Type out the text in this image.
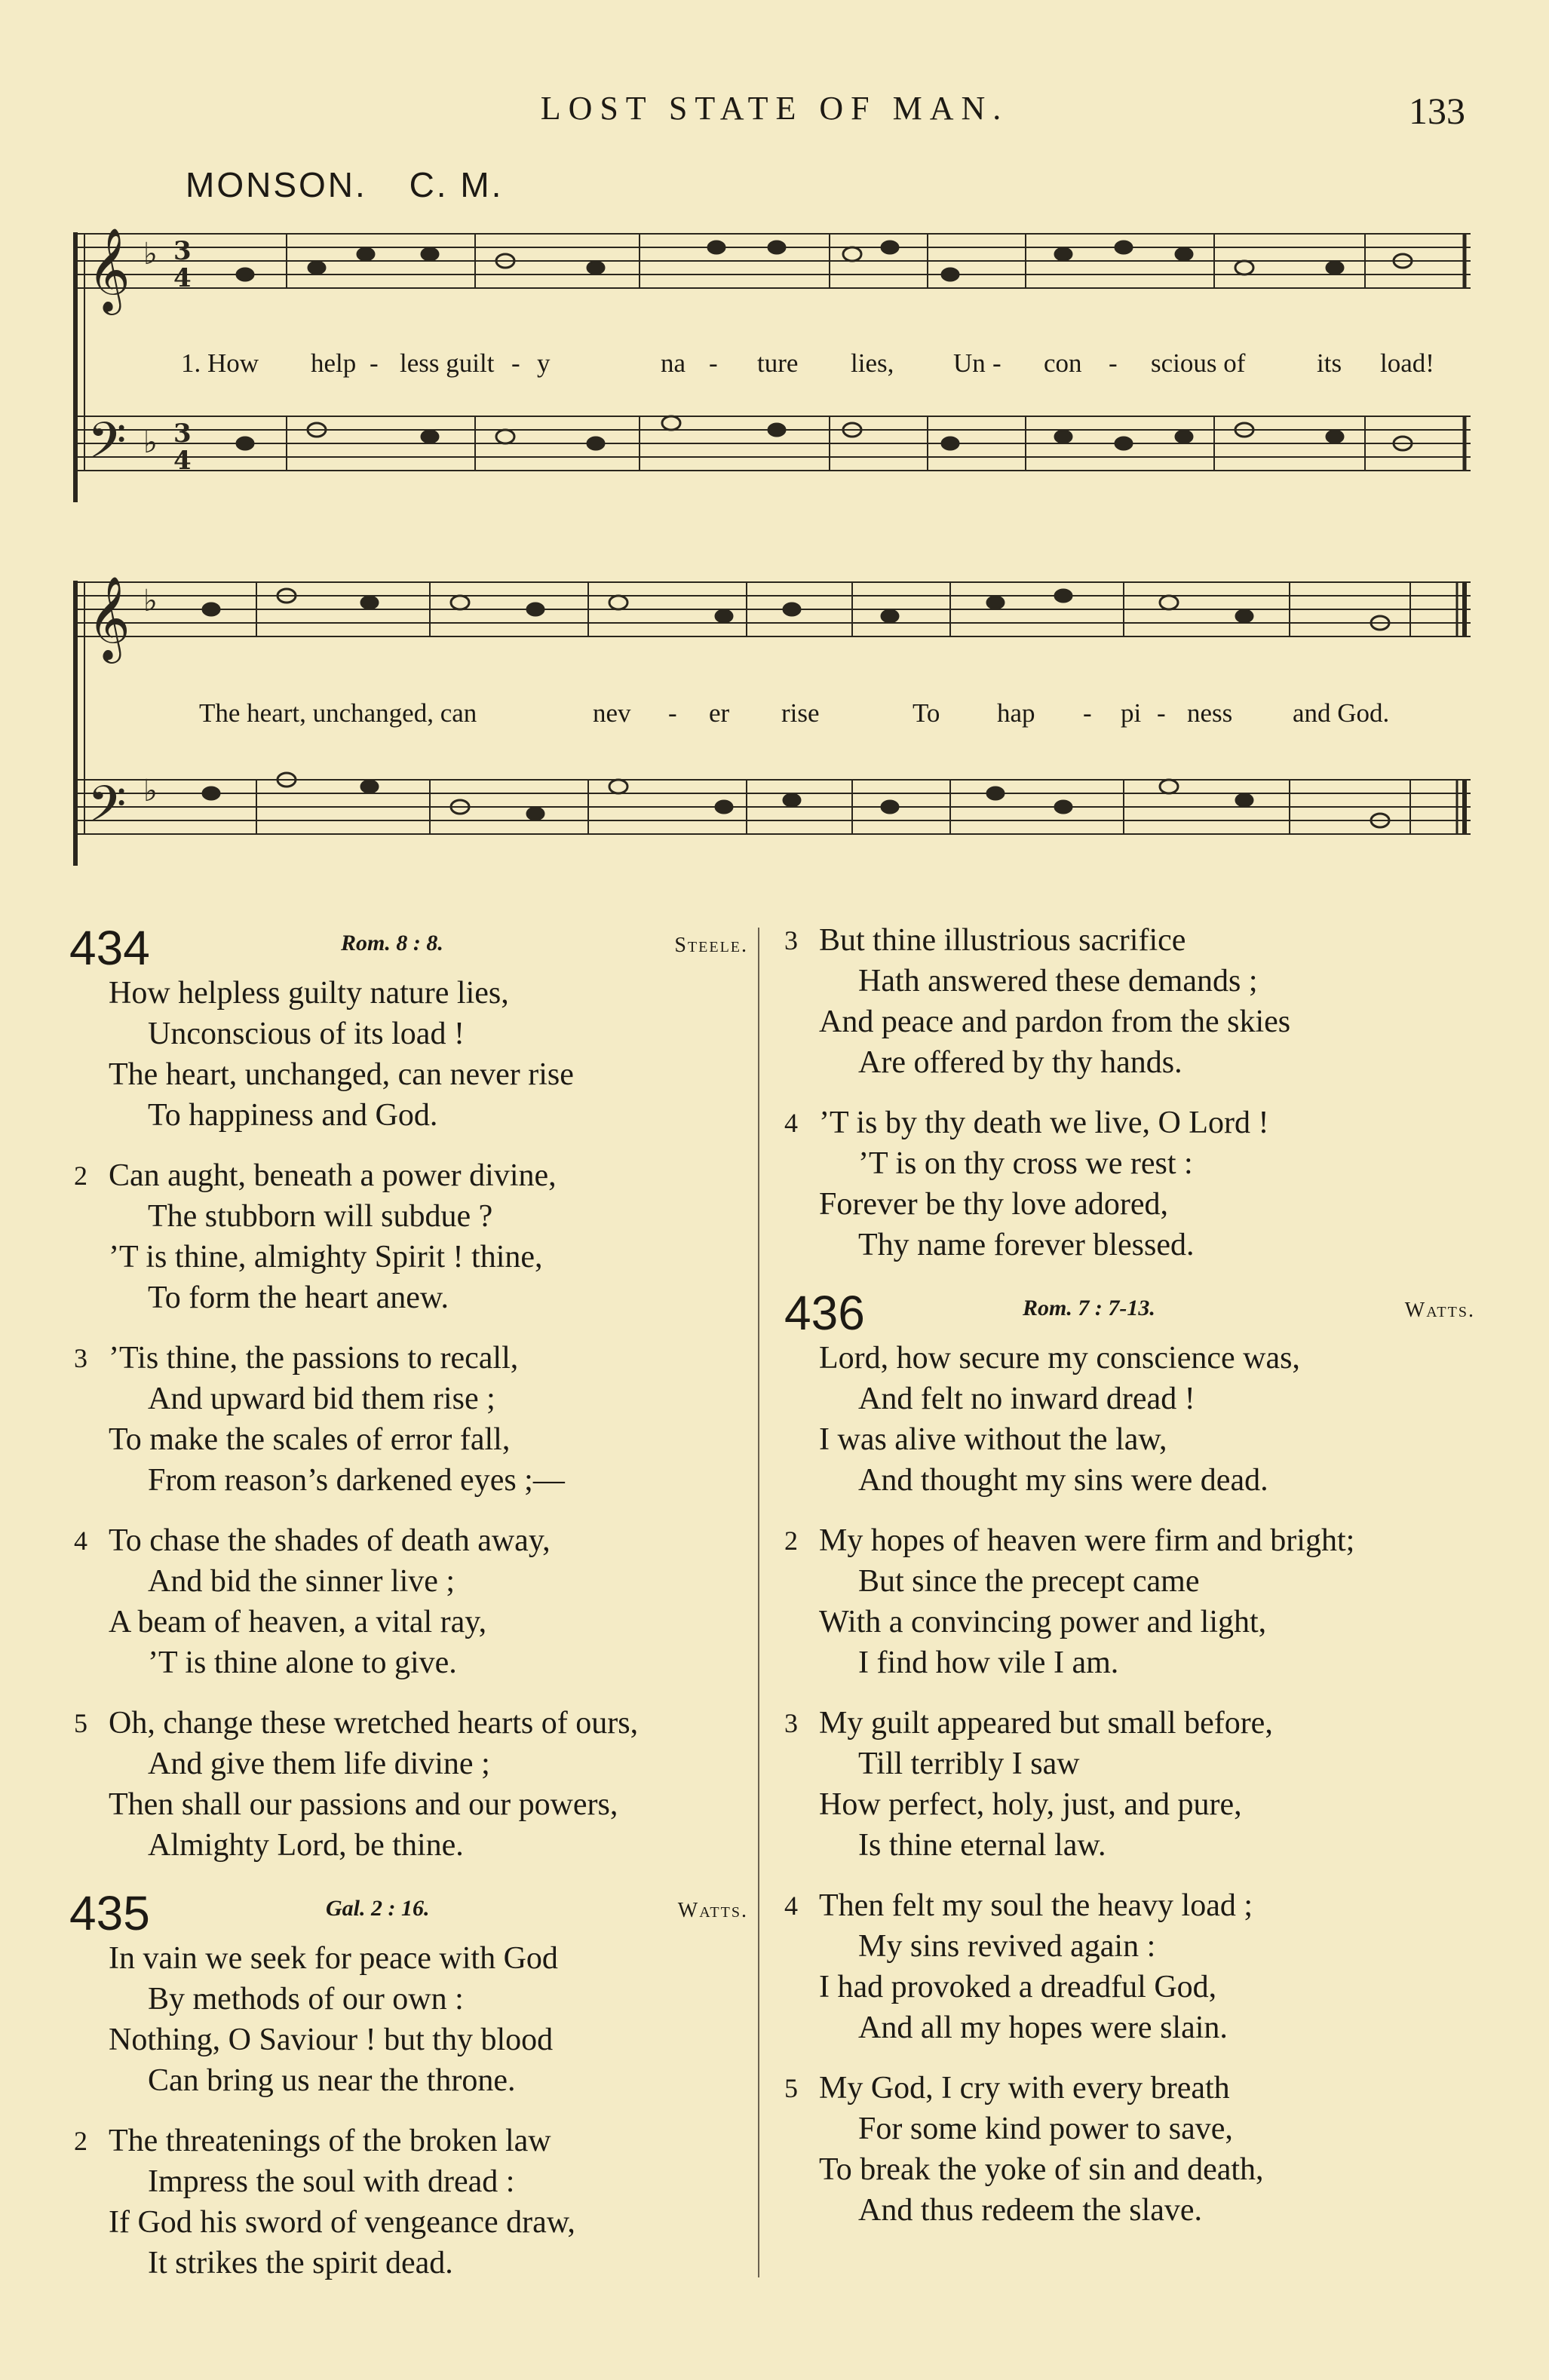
LOST STATE OF MAN.	133
MONSON. C. M.
𝄞
𝄢
𝄞
𝄢
♭
♭
♭
♭
3
4
3
4
1. How help - less guilt - y	na - ture lies, Un - con - scious of	its load!
The heart, unchanged, can	nev - er rise	To hap - pi - ness and God.
434	Rom. 8 : 8.	Steele.
How helpless guilty nature lies,
Unconscious of its load !
The heart, unchanged, can never rise
To happiness and God.
2 Can aught, beneath a power divine,
The stubborn will subdue ?
’T is thine, almighty Spirit ! thine,
To form the heart anew.
3 ’Tis thine, the passions to recall,
And upward bid them rise ;
To make the scales of error fall,
From reason’s darkened eyes ;—
4 To chase the shades of death away,
And bid the sinner live ;
A beam of heaven, a vital ray,
’T is thine alone to give.
5 Oh, change these wretched hearts of ours,
And give them life divine ;
Then shall our passions and our powers,
Almighty Lord, be thine.
435	Gal. 2 : 16.	Watts.
In vain we seek for peace with God
By methods of our own :
Nothing, O Saviour ! but thy blood
Can bring us near the throne.
2 The threatenings of the broken law
Impress the soul with dread :
If God his sword of vengeance draw,
It strikes the spirit dead.
3 But thine illustrious sacrifice
Hath answered these demands ;
And peace and pardon from the skies
Are offered by thy hands.
4 ’T is by thy death we live, O Lord !
’T is on thy cross we rest :
Forever be thy love adored,
Thy name forever blessed.
436	Rom. 7 : 7-13.	Watts.
Lord, how secure my conscience was,
And felt no inward dread !
I was alive without the law,
And thought my sins were dead.
2 My hopes of heaven were firm and bright;
But since the precept came
With a convincing power and light,
I find how vile I am.
3 My guilt appeared but small before,
Till terribly I saw
How perfect, holy, just, and pure,
Is thine eternal law.
4 Then felt my soul the heavy load ;
My sins revived again :
I had provoked a dreadful God,
And all my hopes were slain.
5 My God, I cry with every breath
For some kind power to save,
To break the yoke of sin and death,
And thus redeem the slave.
